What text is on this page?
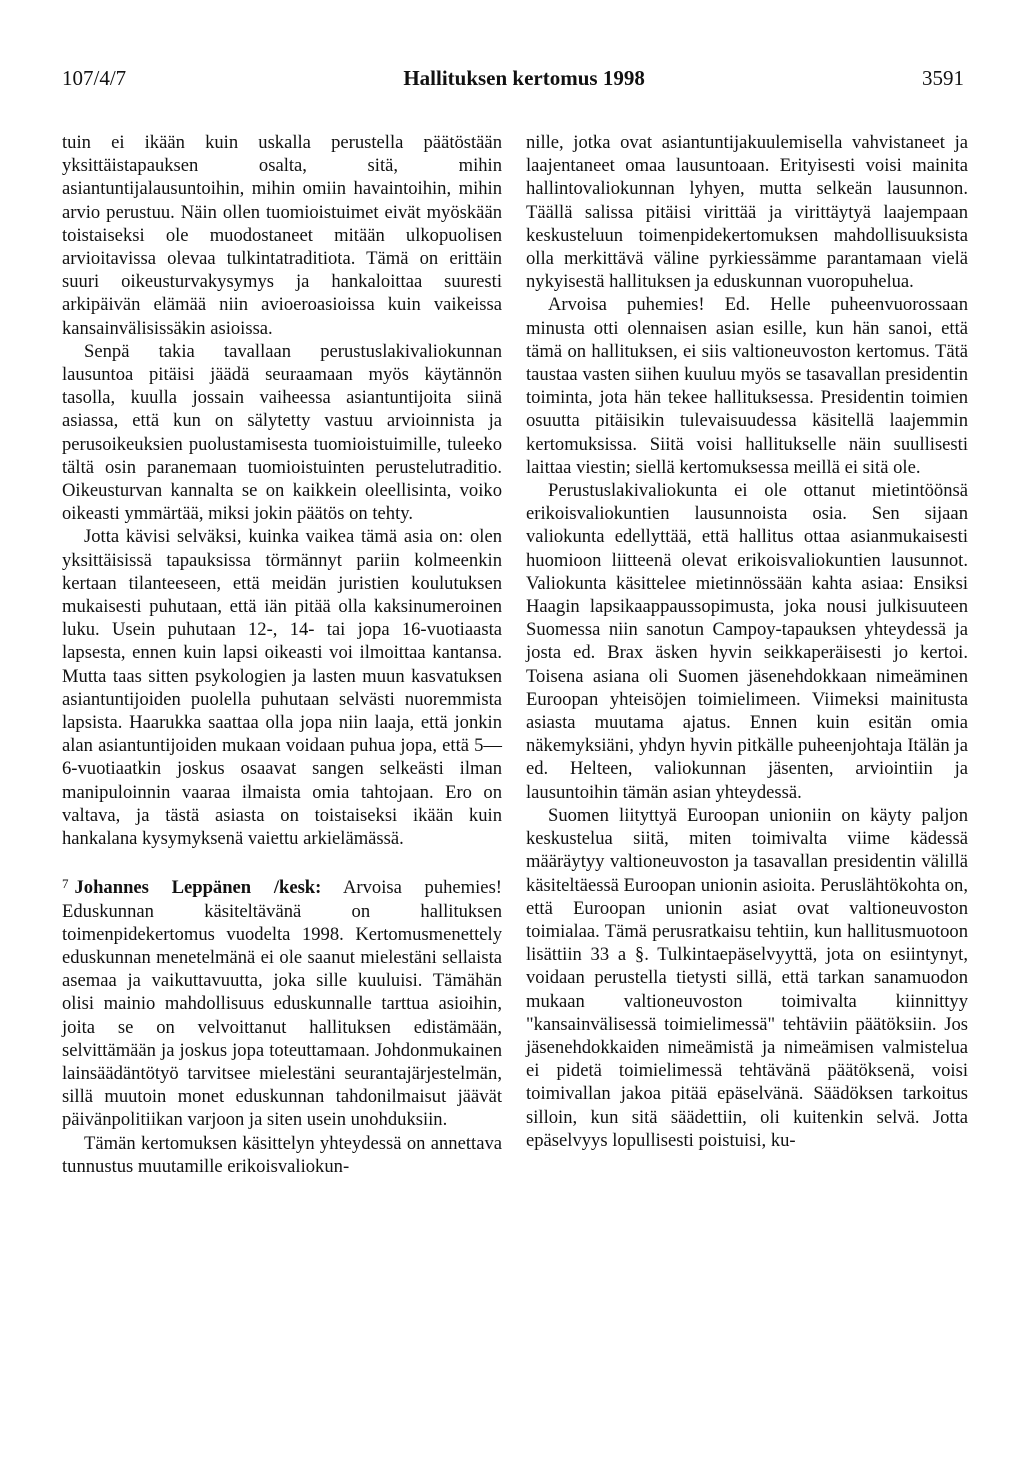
107/4/7	Hallituksen kertomus 1998	3591

tuin ei ikään kuin uskalla perustella päätöstään yksittäistapauksen osalta, sitä, mihin asiantuntijalausuntoihin, mihin omiin havaintoihin, mihin arvio perustuu. Näin ollen tuomioistuimet eivät myöskään toistaiseksi ole muodostaneet mitään ulkopuolisen arvioitavissa olevaa tulkintatraditiota. Tämä on erittäin suuri oikeusturvakysymys ja hankaloittaa suuresti arkipäivän elämää niin avioeroasioissa kuin vaikeissa kansainvälisissäkin asioissa.

Senpä takia tavallaan perustuslakivaliokunnan lausuntoa pitäisi jäädä seuraamaan myös käytännön tasolla, kuulla jossain vaiheessa asiantuntijoita siinä asiassa, että kun on sälytetty vastuu arvioinnista ja perusoikeuksien puolustamisesta tuomioistuimille, tuleeko tältä osin paranemaan tuomioistuinten perustelutraditio. Oikeusturvan kannalta se on kaikkein oleellisinta, voiko oikeasti ymmärtää, miksi jokin päätös on tehty.

Jotta kävisi selväksi, kuinka vaikea tämä asia on: olen yksittäisissä tapauksissa törmännyt pariin kolmeenkin kertaan tilanteeseen, että meidän juristien koulutuksen mukaisesti puhutaan, että iän pitää olla kaksinumeroinen luku. Usein puhutaan 12-, 14- tai jopa 16-vuotiaasta lapsesta, ennen kuin lapsi oikeasti voi ilmoittaa kantansa. Mutta taas sitten psykologien ja lasten muun kasvatuksen asiantuntijoiden puolella puhutaan selvästi nuoremmista lapsista. Haarukka saattaa olla jopa niin laaja, että jonkin alan asiantuntijoiden mukaan voidaan puhua jopa, että 5—6-vuotiaatkin joskus osaavat sangen selkeästi ilman manipuloinnin vaaraa ilmaista omia tahtojaan. Ero on valtava, ja tästä asiasta on toistaiseksi ikään kuin hankalana kysymyksenä vaiettu arkielämässä.

$^7$ Johannes Leppänen /kesk: Arvoisa puhemies! Eduskunnan käsiteltävänä on hallituksen toimenpidekertomus vuodelta 1998. Kertomusmenettely eduskunnan menetelmänä ei ole saanut mielestäni sellaista asemaa ja vaikuttavuutta, joka sille kuuluisi. Tämähän olisi mainio mahdollisuus eduskunnalle tarttua asioihin, joita se on velvoittanut hallituksen edistämään, selvittämään ja joskus jopa toteuttamaan. Johdonmukainen lainsäädäntötyö tarvitsee mielestäni seurantajärjestelmän, sillä muutoin monet eduskunnan tahdonilmaisut jäävät päivänpolitiikan varjoon ja siten usein unohduksiin.

Tämän kertomuksen käsittelyn yhteydessä on annettava tunnustus muutamille erikoisvaliokun-

nille, jotka ovat asiantuntijakuulemisella vahvistaneet ja laajentaneet omaa lausuntoaan. Erityisesti voisi mainita hallintovaliokunnan lyhyen, mutta selkeän lausunnon. Täällä salissa pitäisi virittää ja virittäytyä laajempaan keskusteluun toimenpidekertomuksen mahdollisuuksista olla merkittävä väline pyrkiessämme parantamaan vielä nykyisestä hallituksen ja eduskunnan vuoropuhelua.

Arvoisa puhemies! Ed. Helle puheenvuorossaan minusta otti olennaisen asian esille, kun hän sanoi, että tämä on hallituksen, ei siis valtioneuvoston kertomus. Tätä taustaa vasten siihen kuuluu myös se tasavallan presidentin toiminta, jota hän tekee hallituksessa. Presidentin toimien osuutta pitäisikin tulevaisuudessa käsitellä laajemmin kertomuksissa. Siitä voisi hallitukselle näin suullisesti laittaa viestin; siellä kertomuksessa meillä ei sitä ole.

Perustuslakivaliokunta ei ole ottanut mietintöönsä erikoisvaliokuntien lausunnoista osia. Sen sijaan valiokunta edellyttää, että hallitus ottaa asianmukaisesti huomioon liitteenä olevat erikoisvaliokuntien lausunnot. Valiokunta käsittelee mietinnössään kahta asiaa: Ensiksi Haagin lapsikaappaussopimusta, joka nousi julkisuuteen Suomessa niin sanotun Campoy-tapauksen yhteydessä ja josta ed. Brax äsken hyvin seikkaperäisesti jo kertoi. Toisena asiana oli Suomen jäsenehdokkaan nimeäminen Euroopan yhteisöjen toimielimeen. Viimeksi mainitusta asiasta muutama ajatus. Ennen kuin esitän omia näkemyksiäni, yhdyn hyvin pitkälle puheenjohtaja Itälän ja ed. Helteen, valiokunnan jäsenten, arviointiin ja lausuntoihin tämän asian yhteydessä.

Suomen liityttyä Euroopan unioniin on käyty paljon keskustelua siitä, miten toimivalta viime kädessä määräytyy valtioneuvoston ja tasavallan presidentin välillä käsiteltäessä Euroopan unionin asioita. Peruslähtökohta on, että Euroopan unionin asiat ovat valtioneuvoston toimialaa. Tämä perusratkaisu tehtiin, kun hallitusmuotoon lisättiin 33 a §. Tulkintaepäselvyyttä, jota on esiintynyt, voidaan perustella tietysti sillä, että tarkan sanamuodon mukaan valtioneuvoston toimivalta kiinnittyy "kansainvälisessä toimielimessä" tehtäviin päätöksiin. Jos jäsenehdokkaiden nimeämistä ja nimeämisen valmistelua ei pidetä toimielimessä tehtävänä päätöksenä, voisi toimivallan jakoa pitää epäselvänä. Säädöksen tarkoitus silloin, kun sitä säädettiin, oli kuitenkin selvä. Jotta epäselvyys lopullisesti poistuisi, ku-
